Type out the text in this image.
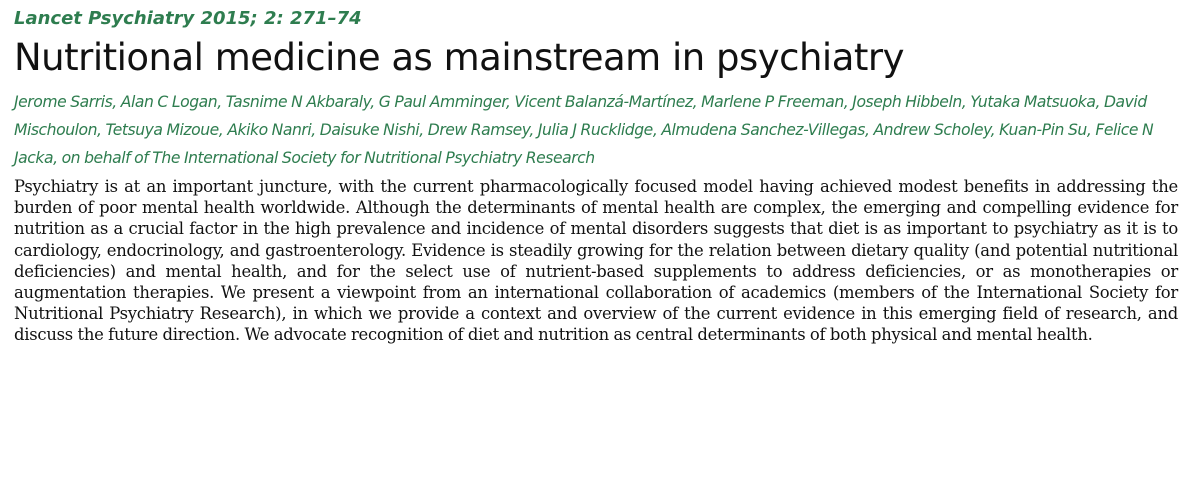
Lancet Psychiatry 2015; 2: 271–74

Nutritional medicine as mainstream in psychiatry

Jerome Sarris, Alan C Logan, Tasnime N Akbaraly, G Paul Amminger, Vicent Balanzá-Martínez, Marlene P Freeman, Joseph Hibbeln, Yutaka Matsuoka, David Mischoulon, Tetsuya Mizoue, Akiko Nanri, Daisuke Nishi, Drew Ramsey, Julia J Rucklidge, Almudena Sanchez-Villegas, Andrew Scholey, Kuan-Pin Su, Felice N Jacka, on behalf of The International Society for Nutritional Psychiatry Research

Psychiatry is at an important juncture, with the current pharmacologically focused model having achieved modest benefits in addressing the burden of poor mental health worldwide. Although the determinants of mental health are complex, the emerging and compelling evidence for nutrition as a crucial factor in the high prevalence and incidence of mental disorders suggests that diet is as important to psychiatry as it is to cardiology, endocrinology, and gastroenterology. Evidence is steadily growing for the relation between dietary quality (and potential nutritional deficiencies) and mental health, and for the select use of nutrient-based supplements to address deficiencies, or as monotherapies or augmentation therapies. We present a viewpoint from an international collaboration of academics (members of the International Society for Nutritional Psychiatry Research), in which we provide a context and overview of the current evidence in this emerging field of research, and discuss the future direction. We advocate recognition of diet and nutrition as central determinants of both physical and mental health.
